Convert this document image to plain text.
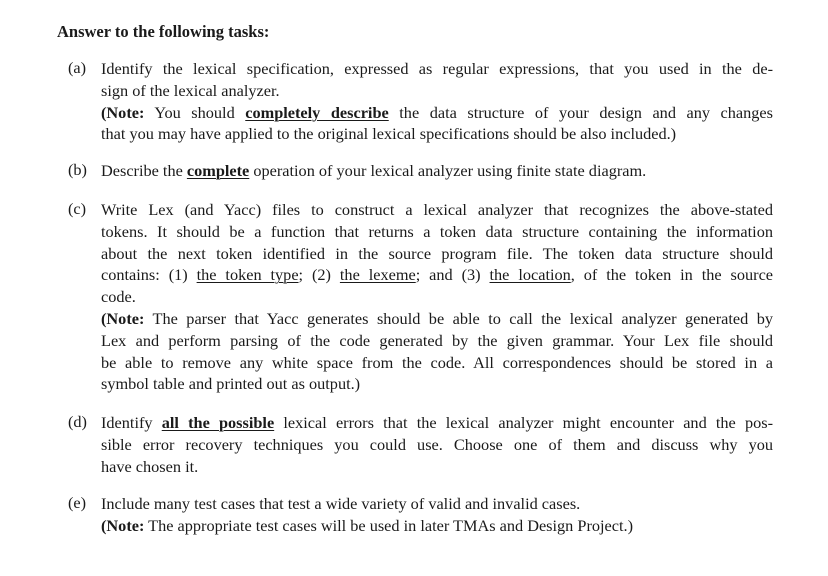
Answer to the following tasks:
(a) Identify the lexical specification, expressed as regular expressions, that you used in the de-
sign of the lexical analyzer.
(Note: You should completely describe the data structure of your design and any changes
that you may have applied to the original lexical specifications should be also included.)
(b) Describe the complete operation of your lexical analyzer using finite state diagram.
(c) Write Lex (and Yacc) files to construct a lexical analyzer that recognizes the above-stated
tokens. It should be a function that returns a token data structure containing the information
about the next token identified in the source program file. The token data structure should
contains: (1) the token type; (2) the lexeme; and (3) the location, of the token in the source
code.
(Note: The parser that Yacc generates should be able to call the lexical analyzer generated by
Lex and perform parsing of the code generated by the given grammar. Your Lex file should
be able to remove any white space from the code. All correspondences should be stored in a
symbol table and printed out as output.)
(d) Identify all the possible lexical errors that the lexical analyzer might encounter and the pos-
sible error recovery techniques you could use. Choose one of them and discuss why you
have chosen it.
(e) Include many test cases that test a wide variety of valid and invalid cases.
(Note: The appropriate test cases will be used in later TMAs and Design Project.)
